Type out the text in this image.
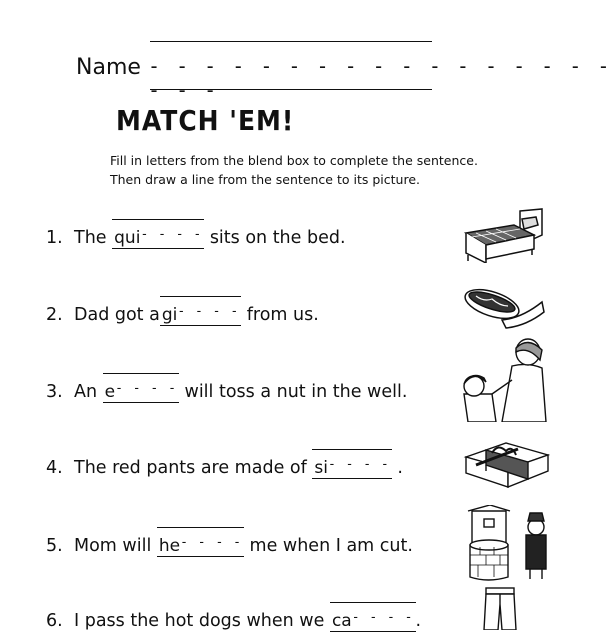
Name - - - - - - - - - - - - - - - - - - - -
MATCH 'EM!
Fill in letters from the blend box to complete the sentence.
Then draw a line from the sentence to its picture.
1. The qui- - - - sits on the bed.
2. Dad got a gi- - - - from us.
3. An e- - - - will toss a nut in the well.
4. The red pants are made of si- - - - .
5. Mom will he- - - - me when I am cut.
6. I pass the hot dogs when we ca- - - - .
